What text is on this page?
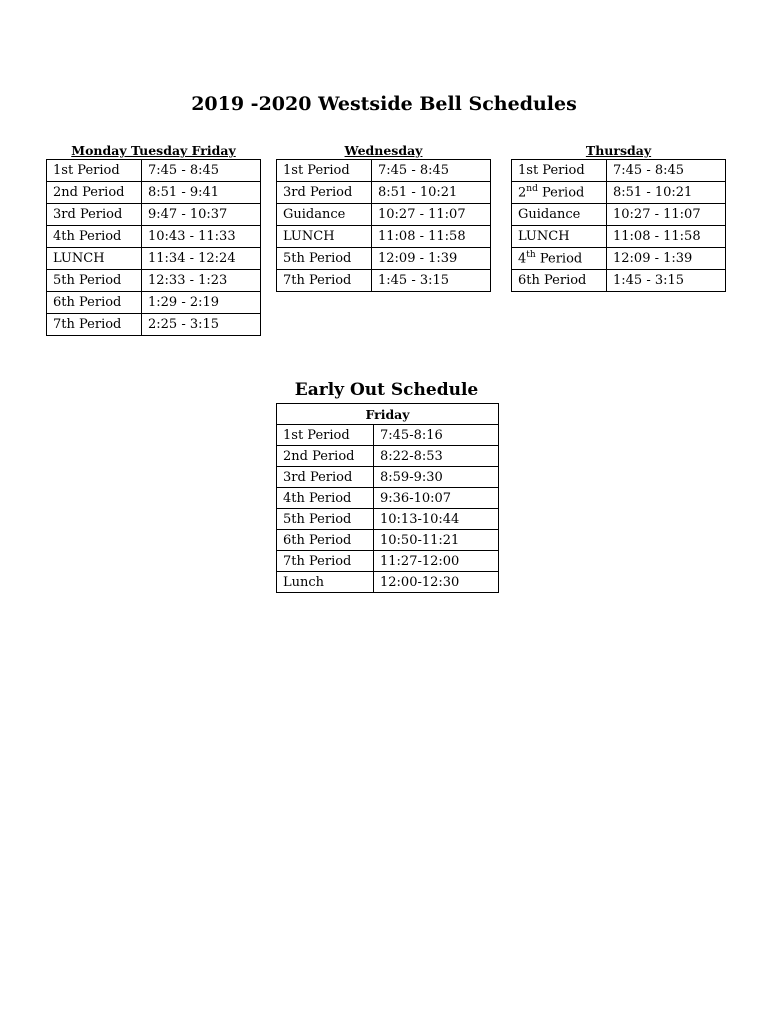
2019 -2020 Westside Bell Schedules
Monday Tuesday Friday
1st Period	7:45 - 8:45
2nd Period	8:51 - 9:41
3rd Period	9:47 - 10:37
4th Period	10:43 - 11:33
LUNCH	11:34 - 12:24
5th Period	12:33 - 1:23
6th Period	1:29 - 2:19
7th Period	2:25 - 3:15
Wednesday
1st Period	7:45 - 8:45
3rd Period	8:51 - 10:21
Guidance	10:27 - 11:07
LUNCH	11:08 - 11:58
5th Period	12:09 - 1:39
7th Period	1:45 - 3:15
Thursday
1st Period	7:45 - 8:45
2nd Period	8:51 - 10:21
Guidance	10:27 - 11:07
LUNCH	11:08 - 11:58
4th Period	12:09 - 1:39
6th Period	1:45 - 3:15
Early Out Schedule
Friday	
1st Period	7:45-8:16
2nd Period	8:22-8:53
3rd Period	8:59-9:30
4th Period	9:36-10:07
5th Period	10:13-10:44
6th Period	10:50-11:21
7th Period	11:27-12:00
Lunch	12:00-12:30
